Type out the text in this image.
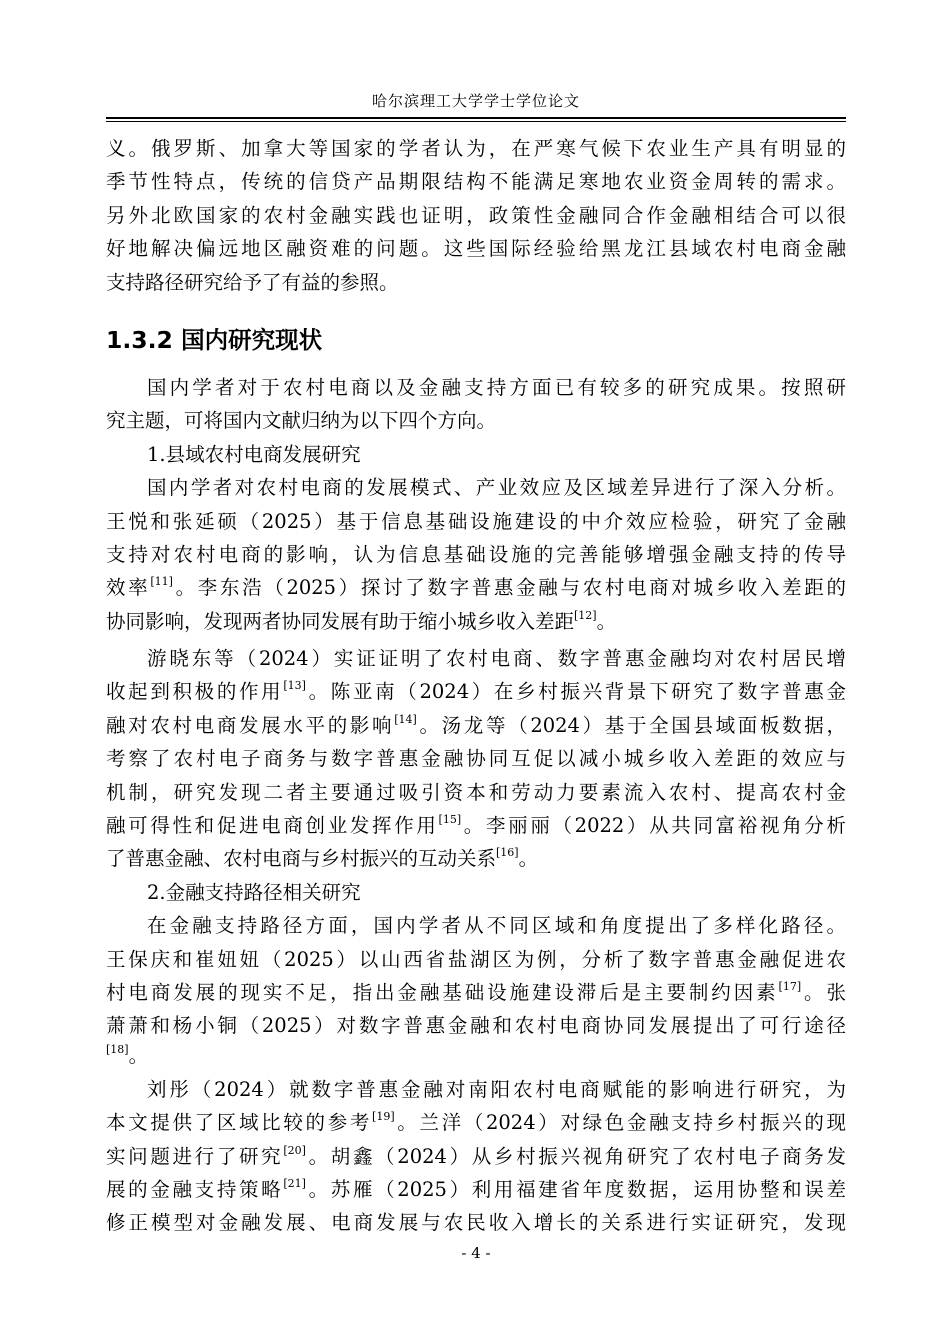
哈尔滨理工大学学士学位论文
义。俄罗斯、加拿大等国家的学者认为，在严寒气候下农业生产具有明显的
季节性特点，传统的信贷产品期限结构不能满足寒地农业资金周转的需求。
另外北欧国家的农村金融实践也证明，政策性金融同合作金融相结合可以很
好地解决偏远地区融资难的问题。这些国际经验给黑龙江县域农村电商金融
支持路径研究给予了有益的参照。
1.3.2 国内研究现状
国内学者对于农村电商以及金融支持方面已有较多的研究成果。按照研
究主题，可将国内文献归纳为以下四个方向。
1.县域农村电商发展研究
国内学者对农村电商的发展模式、产业效应及区域差异进行了深入分析。
王悦和张延硕（2025）基于信息基础设施建设的中介效应检验，研究了金融
支持对农村电商的影响，认为信息基础设施的完善能够增强金融支持的传导
效率[11]。李东浩（2025）探讨了数字普惠金融与农村电商对城乡收入差距的
协同影响，发现两者协同发展有助于缩小城乡收入差距[12]。
游晓东等（2024）实证证明了农村电商、数字普惠金融均对农村居民增
收起到积极的作用[13]。陈亚南（2024）在乡村振兴背景下研究了数字普惠金
融对农村电商发展水平的影响[14]。汤龙等（2024）基于全国县域面板数据，
考察了农村电子商务与数字普惠金融协同互促以减小城乡收入差距的效应与
机制，研究发现二者主要通过吸引资本和劳动力要素流入农村、提高农村金
融可得性和促进电商创业发挥作用[15]。李丽丽（2022）从共同富裕视角分析
了普惠金融、农村电商与乡村振兴的互动关系[16]。
2.金融支持路径相关研究
在金融支持路径方面，国内学者从不同区域和角度提出了多样化路径。
王保庆和崔妞妞（2025）以山西省盐湖区为例，分析了数字普惠金融促进农
村电商发展的现实不足，指出金融基础设施建设滞后是主要制约因素[17]。张
萧萧和杨小铜（2025）对数字普惠金融和农村电商协同发展提出了可行途径
[18]。
刘彤（2024）就数字普惠金融对南阳农村电商赋能的影响进行研究，为
本文提供了区域比较的参考[19]。兰洋（2024）对绿色金融支持乡村振兴的现
实问题进行了研究[20]。胡鑫（2024）从乡村振兴视角研究了农村电子商务发
展的金融支持策略[21]。苏雁（2025）利用福建省年度数据，运用协整和误差
修正模型对金融发展、电商发展与农民收入增长的关系进行实证研究，发现
- 4 -
